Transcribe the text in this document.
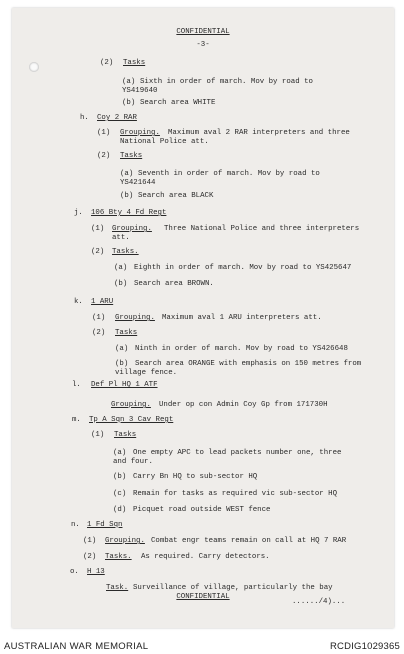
CONFIDENTIAL
-3-
(2) Tasks
(a) Sixth in order of march. Mov by road to
YS419640
(b) Search area WHITE
h. Coy 2 RAR
(1) Grouping. Maximum aval 2 RAR interpreters and three
National Police att.
(2) Tasks
(a) Seventh in order of march. Mov by road to
YS421644
(b) Search area BLACK
j. 106 Bty 4 Fd Regt
(1) Grouping. Three National Police and three interpreters
att.
(2) Tasks.
(a) Eighth in order of march. Mov by road to YS425647
(b) Search area BROWN.
k. 1 ARU
(1) Grouping. Maximum aval 1 ARU interpreters att.
(2) Tasks
(a) Ninth in order of march. Mov by road to YS426648
(b) Search area ORANGE with emphasis on 150 metres from
village fence.
l. Def Pl HQ 1 ATF
Grouping. Under op con Admin Coy Gp from 171730H
m. Tp A Sqn 3 Cav Regt
(1) Tasks
(a) One empty APC to lead packets number one, three
and four.
(b) Carry Bn HQ to sub-sector HQ
(c) Remain for tasks as required vic sub-sector HQ
(d) Picquet road outside WEST fence
n. 1 Fd Sqn
(1) Grouping. Combat engr teams remain on call at HQ 7 RAR
(2) Tasks. As required. Carry detectors.
o. H 13
Task. Surveillance of village, particularly the bay
CONFIDENTIAL
....../4)...
AUSTRALIAN WAR MEMORIAL	RCDIG1029365
